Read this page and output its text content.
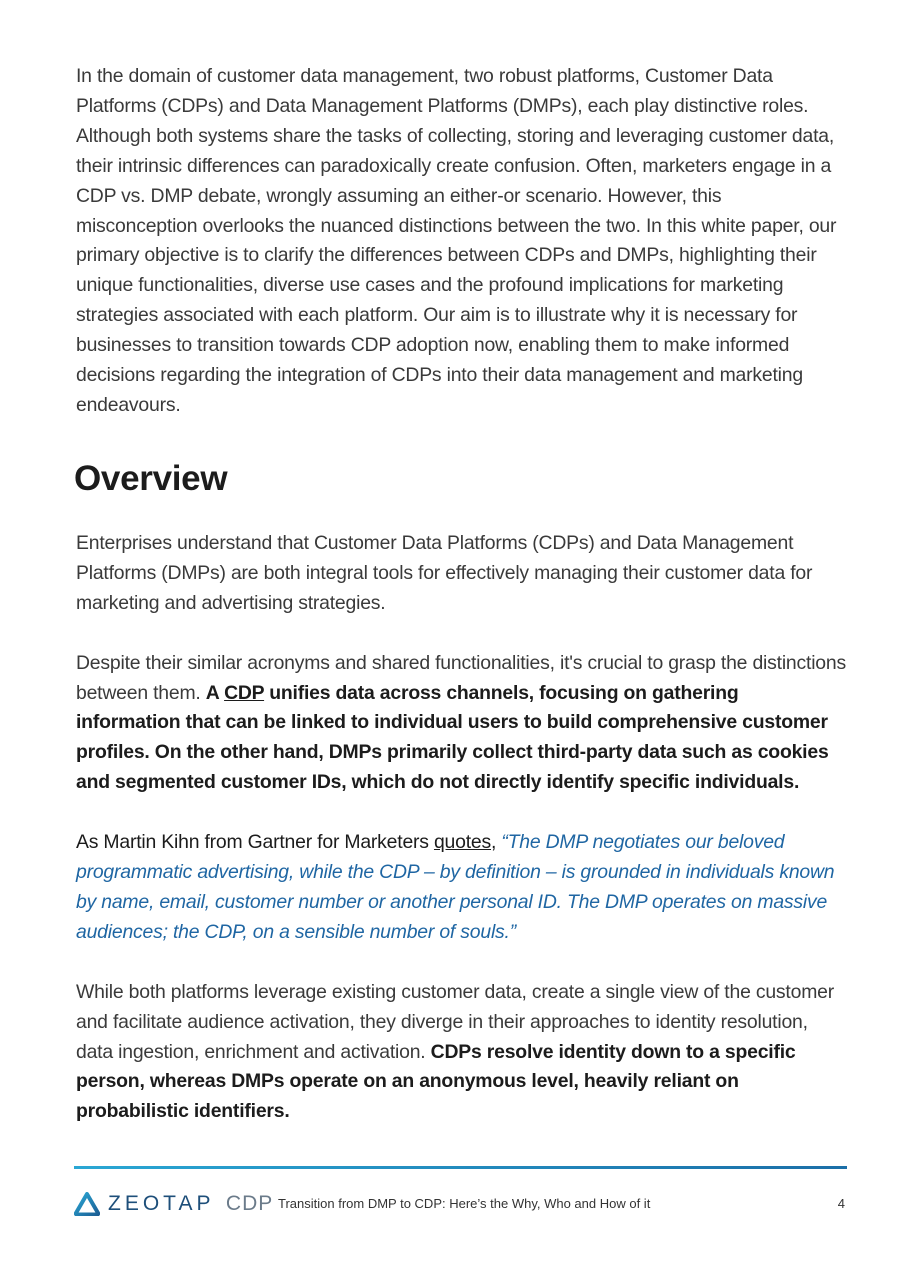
In the domain of customer data management, two robust platforms, Customer Data Platforms (CDPs) and Data Management Platforms (DMPs), each play distinctive roles. Although both systems share the tasks of collecting, storing and leveraging customer data, their intrinsic differences can paradoxically create confusion. Often, marketers engage in a CDP vs. DMP debate, wrongly assuming an either-or scenario. However, this misconception overlooks the nuanced distinctions between the two. In this white paper, our primary objective is to clarify the differences between CDPs and DMPs, highlighting their unique functionalities, diverse use cases and the profound implications for marketing strategies associated with each platform. Our aim is to illustrate why it is necessary for businesses to transition towards CDP adoption now, enabling them to make informed decisions regarding the integration of CDPs into their data management and marketing endeavours.

Overview

Enterprises understand that Customer Data Platforms (CDPs) and Data Management Platforms (DMPs) are both integral tools for effectively managing their customer data for marketing and advertising strategies.

Despite their similar acronyms and shared functionalities, it's crucial to grasp the distinctions between them. A CDP unifies data across channels, focusing on gathering information that can be linked to individual users to build comprehensive customer profiles. On the other hand, DMPs primarily collect third-party data such as cookies and segmented customer IDs, which do not directly identify specific individuals.

As Martin Kihn from Gartner for Marketers quotes, “The DMP negotiates our beloved programmatic advertising, while the CDP – by definition – is grounded in individuals known by name, email, customer number or another personal ID. The DMP operates on massive audiences; the CDP, on a sensible number of souls.”

While both platforms leverage existing customer data, create a single view of the customer and facilitate audience activation, they diverge in their approaches to identity resolution, data ingestion, enrichment and activation. CDPs resolve identity down to a specific person, whereas DMPs operate on an anonymous level, heavily reliant on probabilistic identifiers.

ZEOTAP CDP Transition from DMP to CDP: Here’s the Why, Who and How of it	4
